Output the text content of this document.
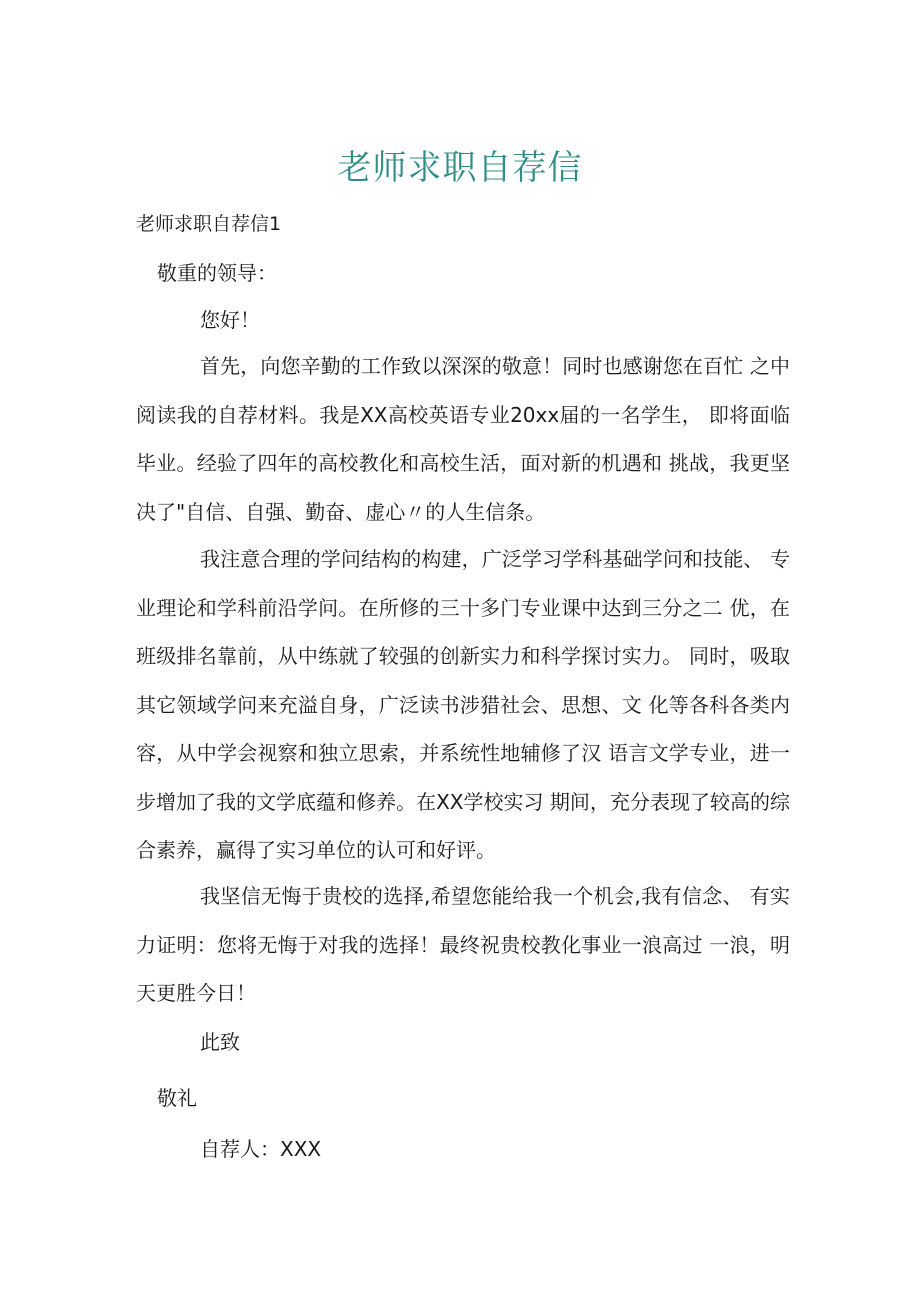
老师求职自荐信
老师求职自荐信1
敬重的领导：
您好！
首先，向您辛勤的工作致以深深的敬意！同时也感谢您在百忙 之中阅读我的自荐材料。我是XX高校英语专业20xx届的一名学生， 即将面临毕业。经验了四年的高校教化和高校生活，面对新的机遇和 挑战，我更坚决了"自信、自强、勤奋、虚心〃的人生信条。
我注意合理的学问结构的构建，广泛学习学科基础学问和技能、 专业理论和学科前沿学问。在所修的三十多门专业课中达到三分之二 优，在班级排名靠前，从中练就了较强的创新实力和科学探讨实力。 同时，吸取其它领域学问来充溢自身，广泛读书涉猎社会、思想、文 化等各科各类内容，从中学会视察和独立思索，并系统性地辅修了汉 语言文学专业，进一步增加了我的文学底蕴和修养。在XX学校实习 期间，充分表现了较高的综合素养，赢得了实习单位的认可和好评。
我坚信无悔于贵校的选择,希望您能给我一个机会,我有信念、 有实力证明：您将无悔于对我的选择！最终祝贵校教化事业一浪高过 一浪，明天更胜今日！
此致
敬礼
自荐人：XXX
